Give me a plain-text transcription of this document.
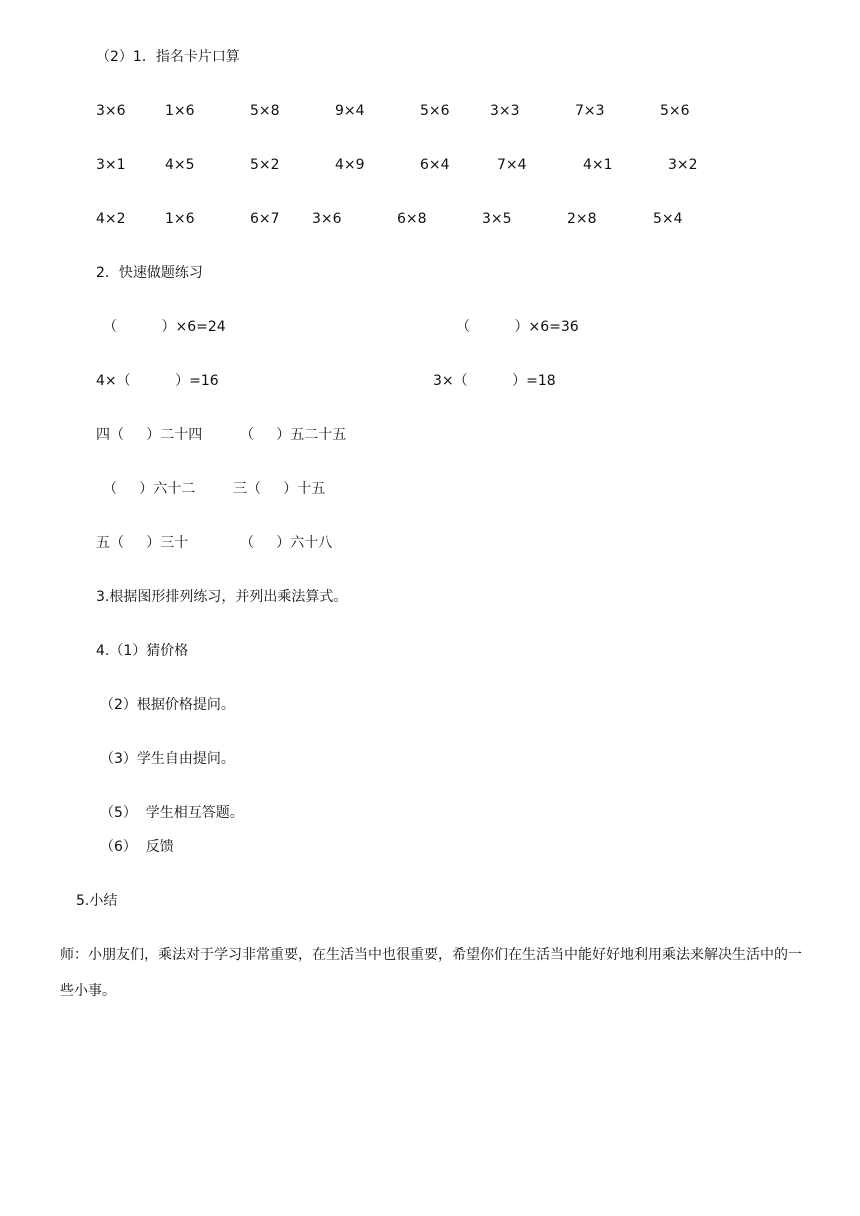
（2）1．指名卡片口算
3×6	1×6	5×8	9×4	5×6	3×3	7×3	5×6
3×1	4×5	5×2	4×9	6×4	7×4	4×1	3×2
4×2	1×6	6×7 3×6	6×8	3×5	2×8	5×4
2．快速做题练习
（          ）×6=24	（          ）×6=36
4×（          ）=16	3×（          ）=18
四（     ）二十四	（     ）五二十五
（     ）六十二	三（     ）十五
五（     ）三十	（     ）六十八
3.根据图形排列练习，并列出乘法算式。
4.（1）猜价格
（2）根据价格提问。
（3）学生自由提问。
（5）  学生相互答题。
（6）  反馈
5.小结
师：小朋友们，乘法对于学习非常重要，在生活当中也很重要，希望你们在生活当中能好好地利用乘法来解决生活中的一些小事。
